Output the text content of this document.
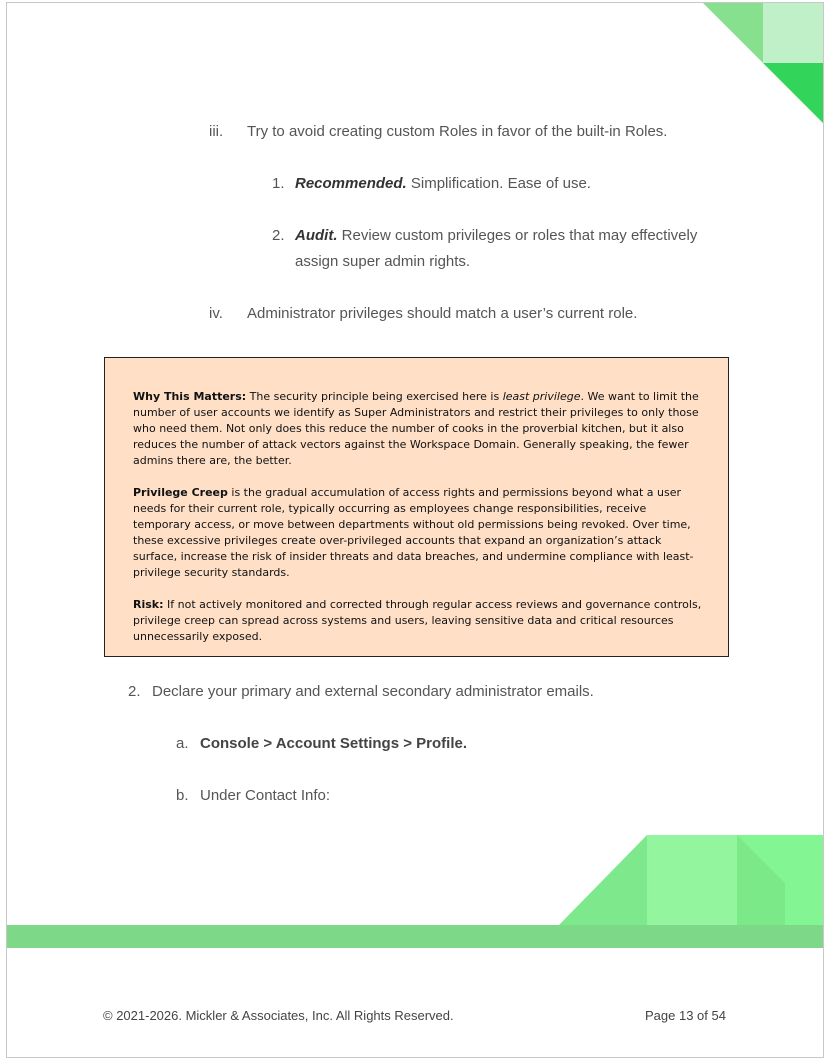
iii. Try to avoid creating custom Roles in favor of the built-in Roles.
1. Recommended. Simplification. Ease of use.
2. Audit. Review custom privileges or roles that may effectively
assign super admin rights.
iv. Administrator privileges should match a user’s current role.

Why This Matters: The security principle being exercised here is least privilege. We want to limit the number of user accounts we identify as Super Administrators and restrict their privileges to only those who need them. Not only does this reduce the number of cooks in the proverbial kitchen, but it also reduces the number of attack vectors against the Workspace Domain. Generally speaking, the fewer admins there are, the better.

Privilege Creep is the gradual accumulation of access rights and permissions beyond what a user needs for their current role, typically occurring as employees change responsibilities, receive temporary access, or move between departments without old permissions being revoked. Over time, these excessive privileges create over-privileged accounts that expand an organization’s attack surface, increase the risk of insider threats and data breaches, and undermine compliance with least-privilege security standards.

Risk: If not actively monitored and corrected through regular access reviews and governance controls, privilege creep can spread across systems and users, leaving sensitive data and critical resources unnecessarily exposed.

2. Declare your primary and external secondary administrator emails.
a. Console > Account Settings > Profile.
b. Under Contact Info:
© 2021-2026. Mickler & Associates, Inc. All Rights Reserved.	Page 13 of 54
